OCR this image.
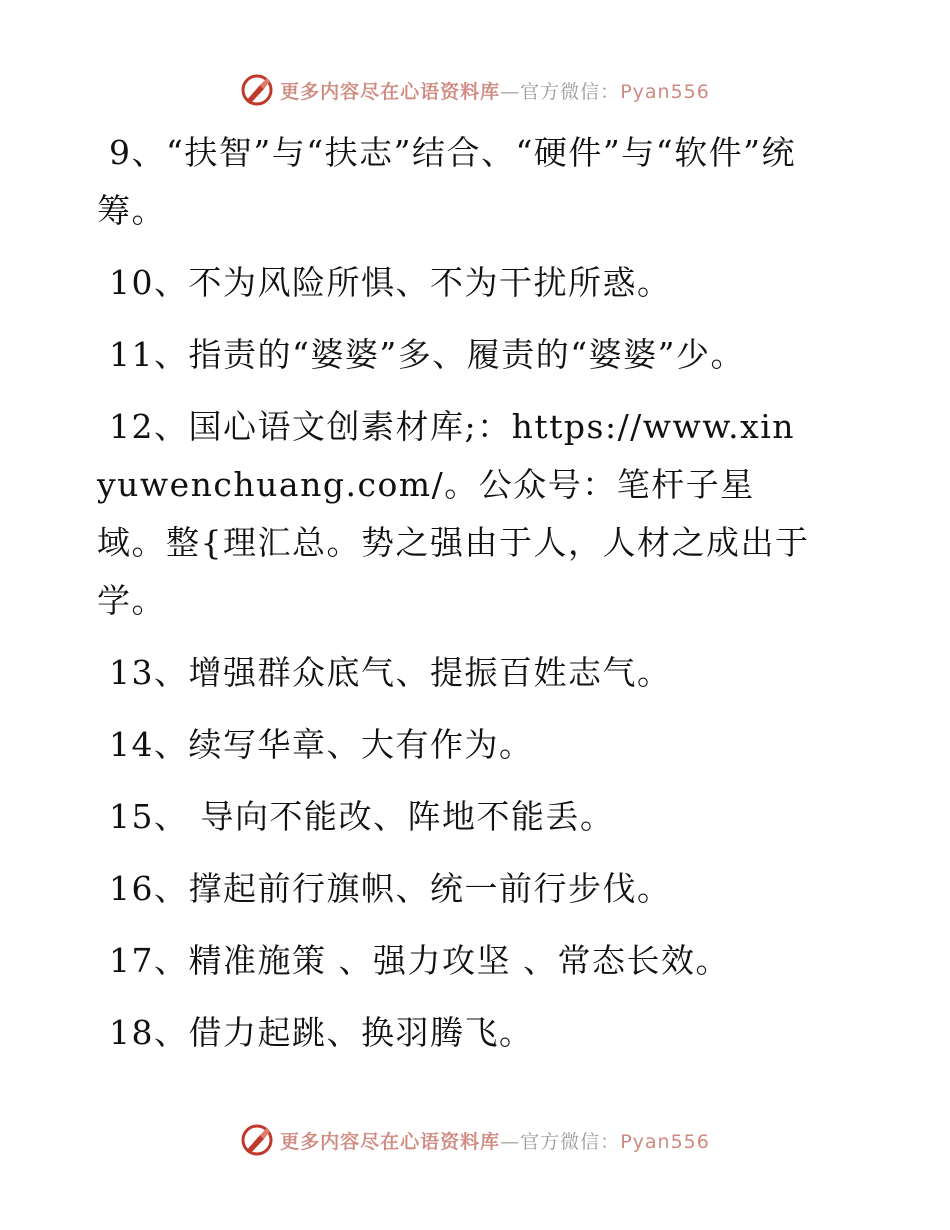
更多内容尽在心语资料库—官方微信：Pyan556

9、“扶智”与“扶志”结合、“硬件”与“软件”统筹。

10、不为风险所惧、不为干扰所惑。

11、指责的“婆婆”多、履责的“婆婆”少。

12、国心语文创素材库;：https://www.xinyuwenchuang.com/。公众号：笔杆子星域。整{理汇总。势之强由于人，人材之成出于学。

13、增强群众底气、提振百姓志气。

14、续写华章、大有作为。

15、 导向不能改、阵地不能丢。

16、撑起前行旗帜、统一前行步伐。

17、精准施策 、强力攻坚 、常态长效。

18、借力起跳、换羽腾飞。

更多内容尽在心语资料库—官方微信：Pyan556
